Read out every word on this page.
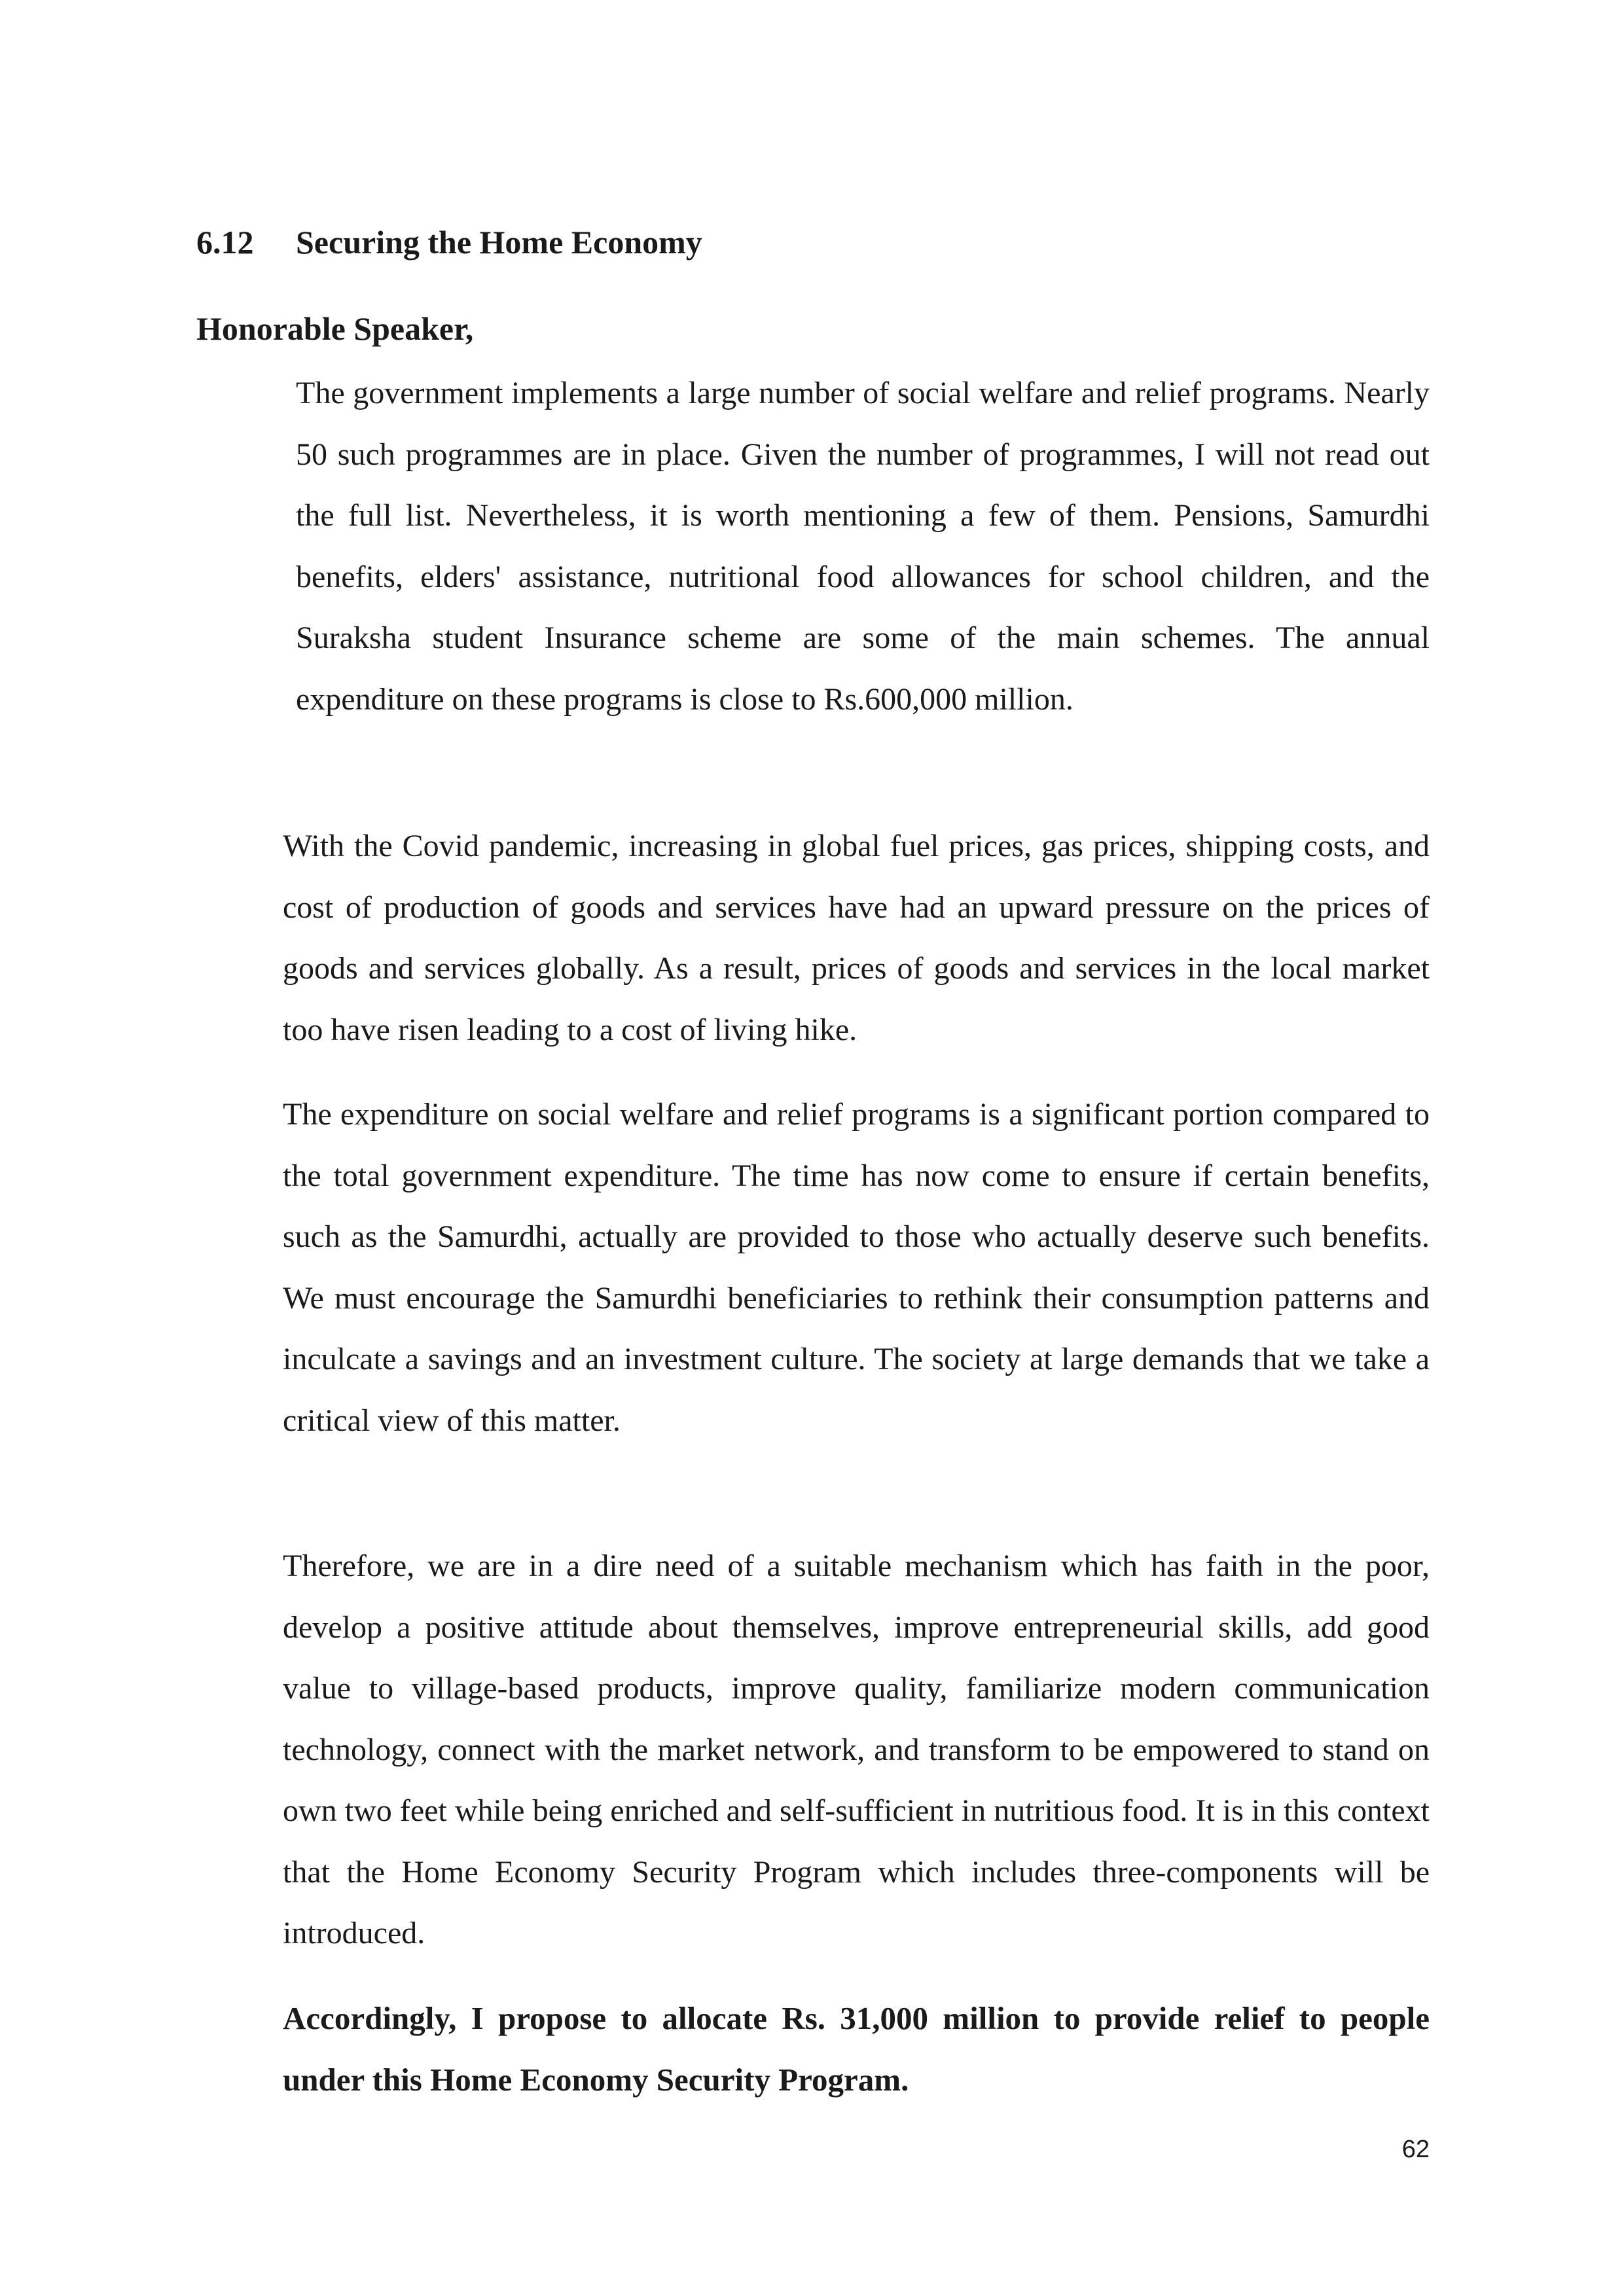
6.12 Securing the Home Economy
Honorable Speaker,

The government implements a large number of social welfare and relief programs. Nearly 50 such programmes are in place. Given the number of programmes, I will not read out the full list. Nevertheless, it is worth mentioning a few of them. Pensions, Samurdhi benefits, elders' assistance, nutritional food allowances for school children, and the Suraksha student Insurance scheme are some of the main schemes. The annual expenditure on these programs is close to Rs.600,000 million.

With the Covid pandemic, increasing in global fuel prices, gas prices, shipping costs, and cost of production of goods and services have had an upward pressure on the prices of goods and services globally. As a result, prices of goods and services in the local market too have risen leading to a cost of living hike.

The expenditure on social welfare and relief programs is a significant portion compared to the total government expenditure. The time has now come to ensure if certain benefits, such as the Samurdhi, actually are provided to those who actually deserve such benefits. We must encourage the Samurdhi beneficiaries to rethink their consumption patterns and inculcate a savings and an investment culture. The society at large demands that we take a critical view of this matter.

Therefore, we are in a dire need of a suitable mechanism which has faith in the poor, develop a positive attitude about themselves, improve entrepreneurial skills, add good value to village-based products, improve quality, familiarize modern communication technology, connect with the market network, and transform to be empowered to stand on own two feet while being enriched and self-sufficient in nutritious food. It is in this context that the Home Economy Security Program which includes three-components will be introduced.

Accordingly, I propose to allocate Rs. 31,000 million to provide relief to people under this Home Economy Security Program.

62
